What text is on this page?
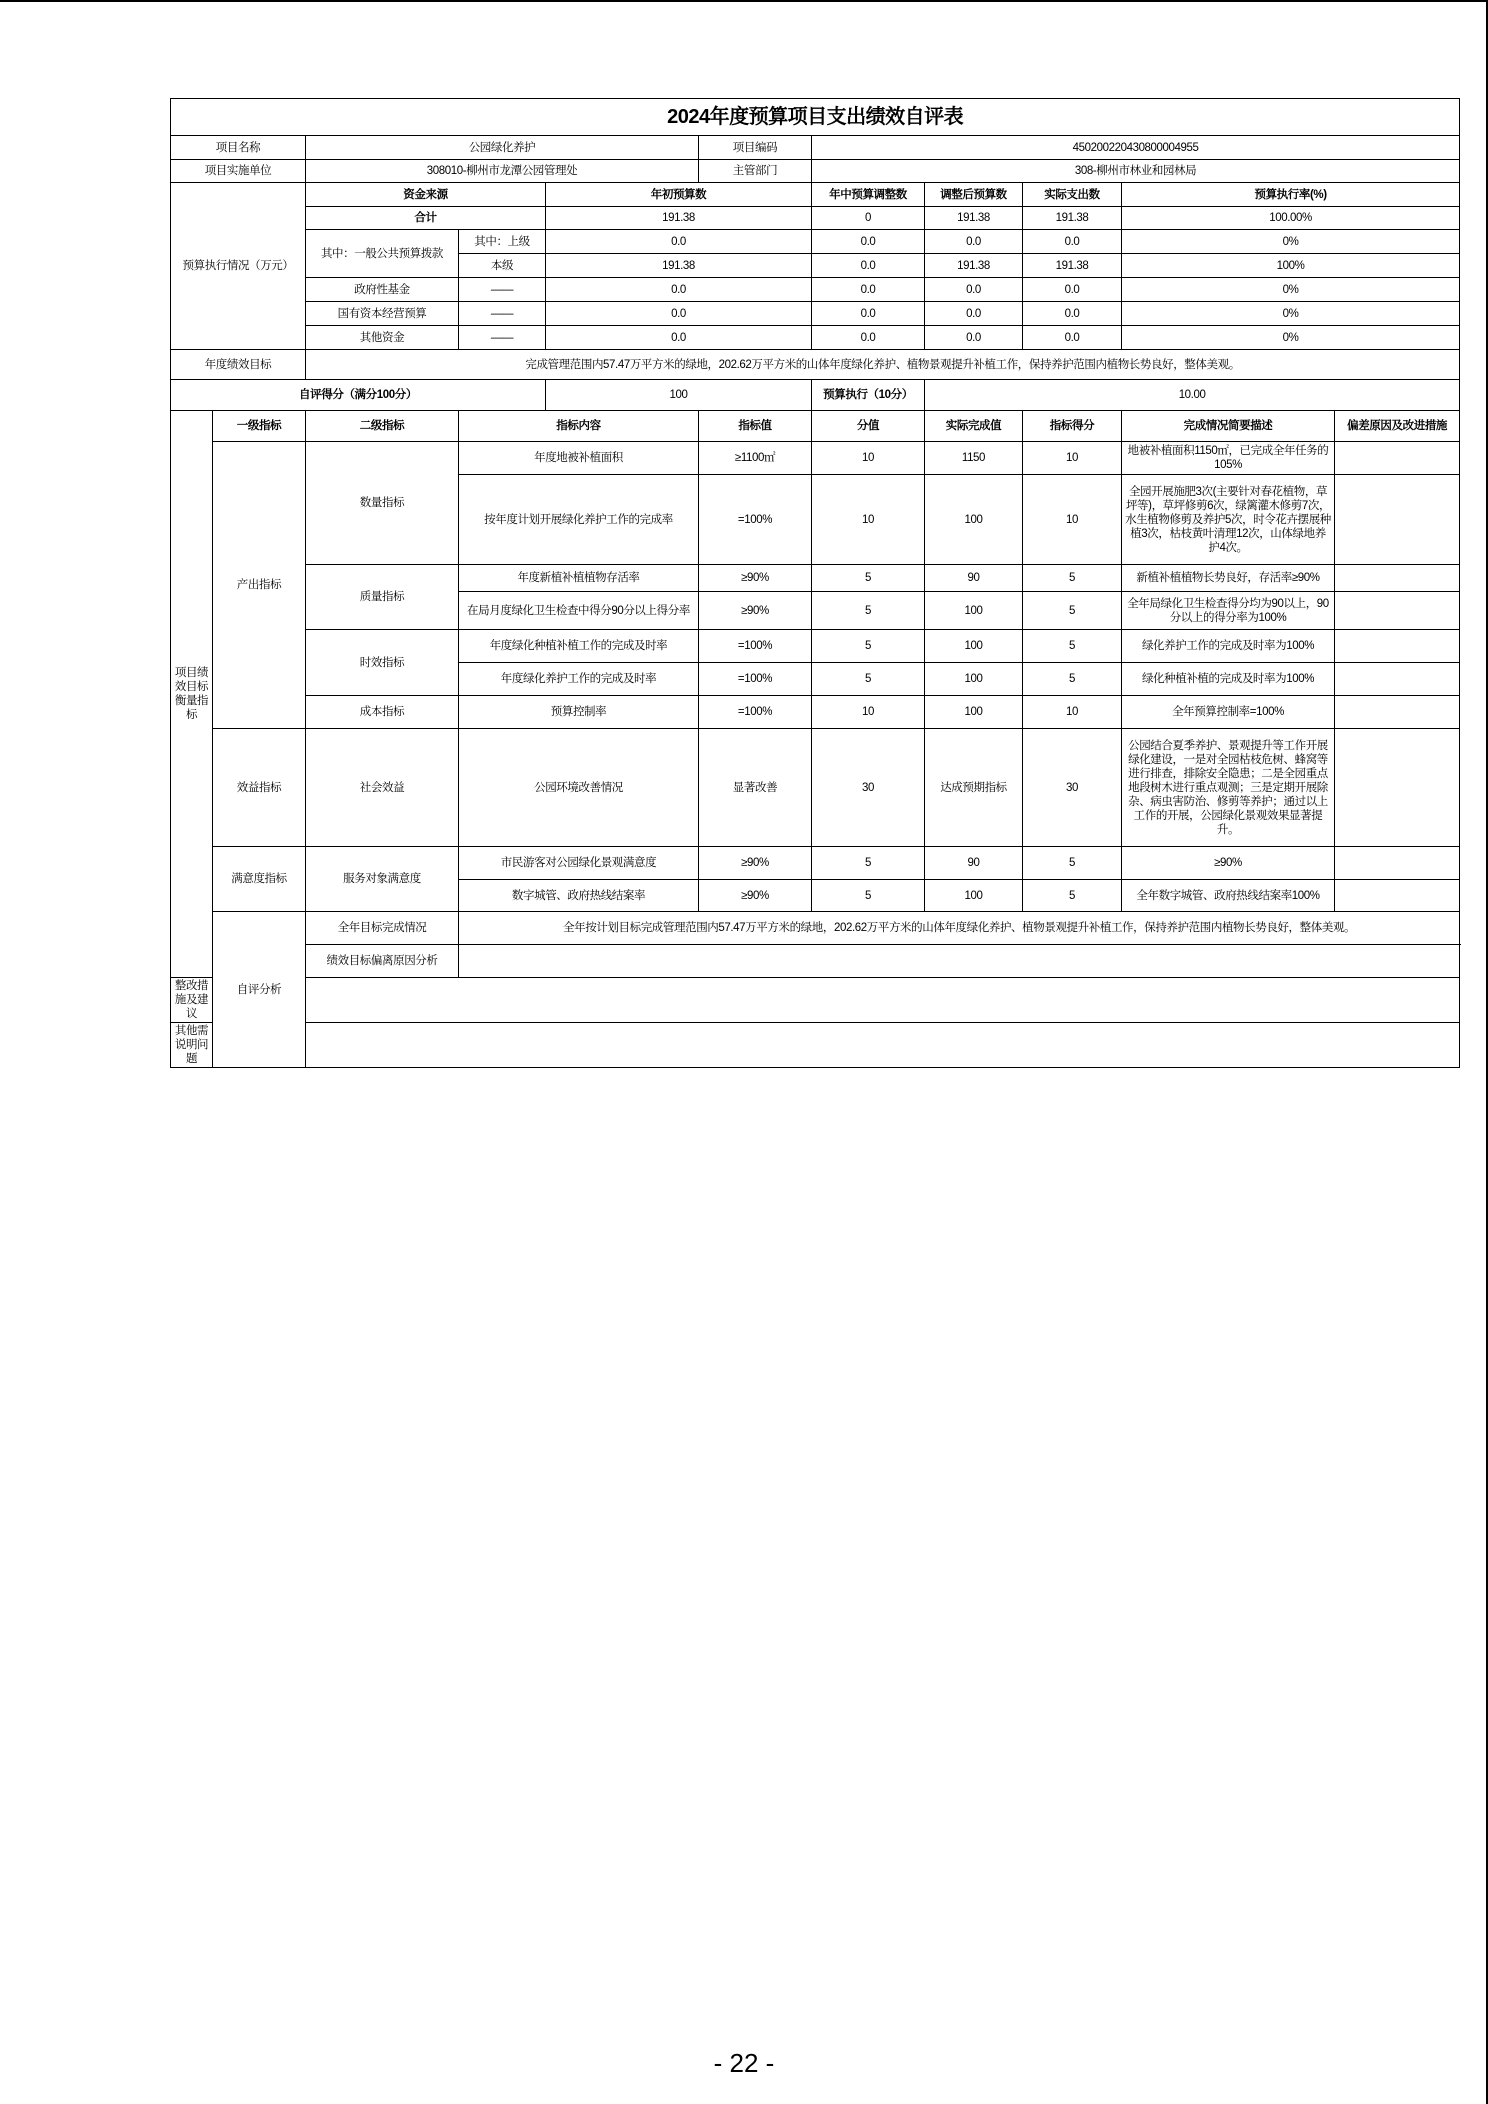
2024年度预算项目支出绩效自评表										
项目名称		公园绿化养护			项目编码	450200220430800004955				
项目实施单位		308010-柳州市龙潭公园管理处			主管部门	308-柳州市林业和园林局				
预算执行情况（万元）		资金来源		年初预算数		年中预算调整数	调整后预算数	实际支出数	预算执行率(%)	
		合计		191.38		0	191.38	191.38	100.00%	
		其中：一般公共预算拨款	其中：上级	0.0		0.0	0.0	0.0	0%	
			本级	191.38		0.0	191.38	191.38	100%	
		政府性基金	——	0.0		0.0	0.0	0.0	0%	
		国有资本经营预算	——	0.0		0.0	0.0	0.0	0%	
		其他资金	——	0.0		0.0	0.0	0.0	0%	
年度绩效目标		完成管理范围内57.47万平方米的绿地，202.62万平方米的山体年度绿化养护、植物景观提升补植工作，保持养护范围内植物长势良好，整体美观。								
自评得分（满分100分）				100		预算执行（10分）	10.00			
项目绩效目标衡量指标	一级指标	二级指标	指标内容		指标值	分值	实际完成值	指标得分	完成情况简要描述	偏差原因及改进措施
	产出指标	数量指标	年度地被补植面积		≥1100㎡	10	1150	10	地被补植面积1150㎡，已完成全年任务的105%	
			按年度计划开展绿化养护工作的完成率		=100%	10	100	10	全园开展施肥3次(主要针对春花植物，草坪等)，草坪修剪6次，绿篱灌木修剪7次，水生植物修剪及养护5次，时令花卉摆展种植3次，枯枝黄叶清理12次，山体绿地养护4次。	
		质量指标	年度新植补植植物存活率		≥90%	5	90	5	新植补植植物长势良好，存活率≥90%	
			在局月度绿化卫生检查中得分90分以上得分率		≥90%	5	100	5	全年局绿化卫生检查得分均为90以上，90分以上的得分率为100%	
		时效指标	年度绿化种植补植工作的完成及时率		=100%	5	100	5	绿化养护工作的完成及时率为100%	
			年度绿化养护工作的完成及时率		=100%	5	100	5	绿化种植补植的完成及时率为100%	
		成本指标	预算控制率		=100%	10	100	10	全年预算控制率=100%	
	效益指标	社会效益	公园环境改善情况		显著改善	30	达成预期指标	30	公园结合夏季养护、景观提升等工作开展绿化建设，一是对全园枯枝危树、蜂窝等进行排查，排除安全隐患；二是全园重点地段树木进行重点观测；三是定期开展除杂、病虫害防治、修剪等养护；通过以上工作的开展，公园绿化景观效果显著提升。	
	满意度指标	服务对象满意度	市民游客对公园绿化景观满意度		≥90%	5	90	5	≥90%	
			数字城管、政府热线结案率		≥90%	5	100	5	全年数字城管、政府热线结案率100%	
	自评分析	全年目标完成情况	全年按计划目标完成管理范围内57.47万平方米的绿地，202.62万平方米的山体年度绿化养护、植物景观提升补植工作，保持养护范围内植物长势良好，整体美观。							
		绩效目标偏离原因分析								
整改措施及建议										
其他需说明问题										
- 22 -
